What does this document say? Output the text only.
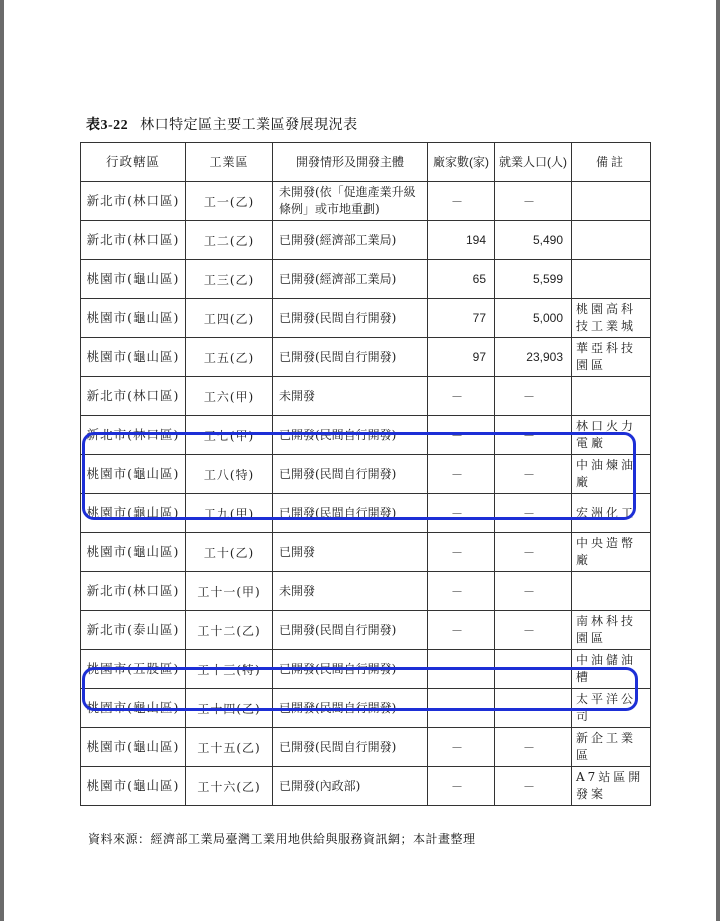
表3-22 林口特定區主要工業區發展現況表
行政轄區	工業區	開發情形及開發主體	廠家數(家)	就業人口(人)	備註
新北市(林口區)	工一(乙)	未開發(依「促進產業升級條例」或市地重劃)	－	－	
新北市(林口區)	工二(乙)	已開發(經濟部工業局)	194	5,490	
桃園市(龜山區)	工三(乙)	已開發(經濟部工業局)	65	5,599	
桃園市(龜山區)	工四(乙)	已開發(民間自行開發)	77	5,000	桃園高科技工業城
桃園市(龜山區)	工五(乙)	已開發(民間自行開發)	97	23,903	華亞科技園區
新北市(林口區)	工六(甲)	未開發	－	－	
新北市(林口區)	工七(甲)	已開發(民間自行開發)	－	－	林口火力電廠
桃園市(龜山區)	工八(特)	已開發(民間自行開發)	－	－	中油煉油廠
桃園市(龜山區)	工九(甲)	已開發(民間自行開發)	－	－	宏洲化工
桃園市(龜山區)	工十(乙)	已開發	－	－	中央造幣廠
新北市(林口區)	工十一(甲)	未開發	－	－	
新北市(泰山區)	工十二(乙)	已開發(民間自行開發)	－	－	南林科技園區
桃園市(五股區)	工十三(特)	已開發(民間自行開發)	－	－	中油儲油槽
桃園市(龜山區)	工十四(乙)	已開發(民間自行開發)	－	－	太平洋公司
桃園市(龜山區)	工十五(乙)	已開發(民間自行開發)	－	－	新企工業區
桃園市(龜山區)	工十六(乙)	已開發(內政部)	－	－	A7站區開發案
資料來源：經濟部工業局臺灣工業用地供給與服務資訊網；本計畫整理
